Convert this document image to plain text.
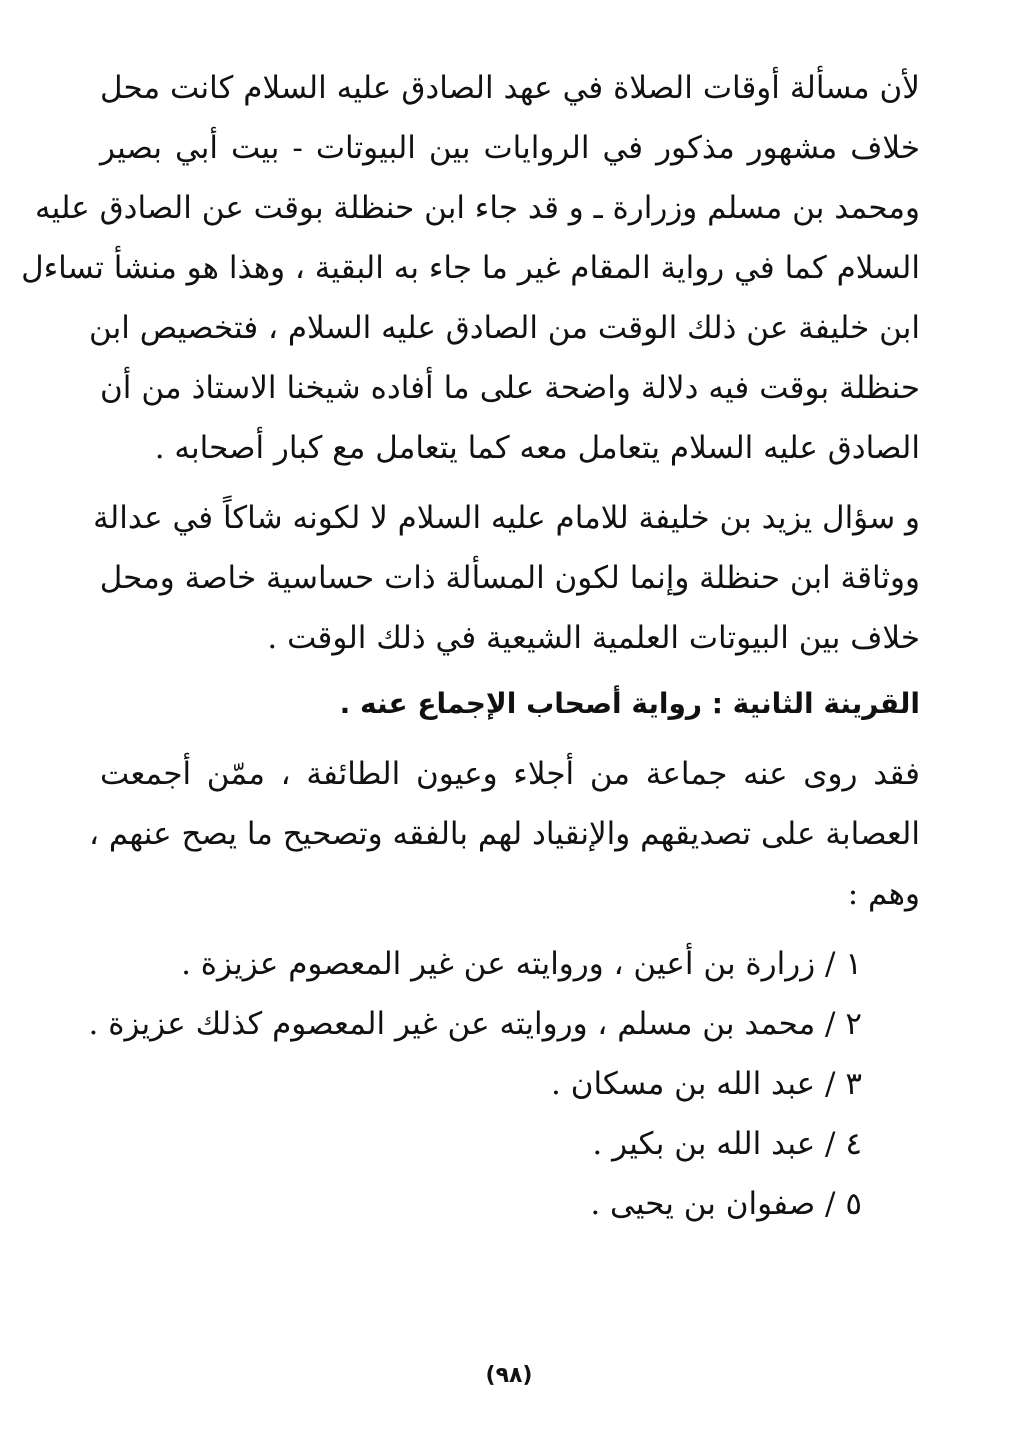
لأن مسألة أوقات الصلاة في عهد الصادق عليه السلام كانت محل
خلاف مشهور مذكور في الروايات بين البيوتات - بيت أبي بصير
ومحمد بن مسلم وزرارة ـ و قد جاء ابن حنظلة بوقت عن الصادق عليه
السلام كما في رواية المقام غير ما جاء به البقية ، وهذا هو منشأ تساءل
ابن خليفة عن ذلك الوقت من الصادق عليه السلام ، فتخصيص ابن
حنظلة بوقت فيه دلالة واضحة على ما أفاده شيخنا الاستاذ من أن
الصادق عليه السلام يتعامل معه كما يتعامل مع كبار أصحابه .

و سؤال يزيد بن خليفة للامام عليه السلام لا لكونه شاكاً في عدالة
ووثاقة ابن حنظلة وإنما لكون المسألة ذات حساسية خاصة ومحل
خلاف بين البيوتات العلمية الشيعية في ذلك الوقت .

القرينة الثانية : رواية أصحاب الإجماع عنه .

فقد روى عنه جماعة من أجلاء وعيون الطائفة ، ممّن أجمعت
العصابة على تصديقهم والإنقياد لهم بالفقه وتصحيح ما يصح عنهم ،
وهم :

١ / زرارة بن أعين ، وروايته عن غير المعصوم عزيزة .
٢ / محمد بن مسلم ، وروايته عن غير المعصوم كذلك عزيزة .
٣ / عبد الله بن مسكان .
٤ / عبد الله بن بكير .
٥ / صفوان بن يحيى .
(٩٨)
